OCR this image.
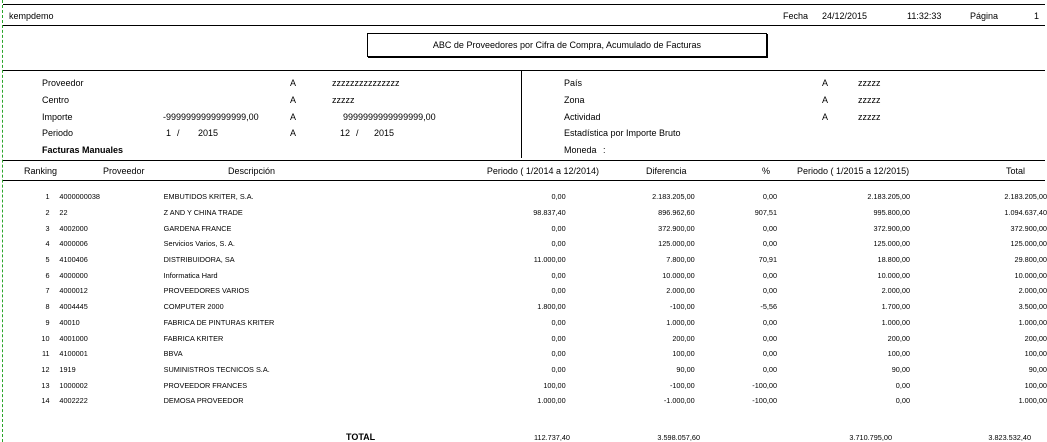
kempdemo	Fecha 24/12/2015	11:32:33	Página	1
ABC de Proveedores por Cifra de Compra, Acumulado de Facturas
Proveedor	A	zzzzzzzzzzzzzzz
Centro	A	zzzzz
Importe	-9999999999999999,00	A	9999999999999999,00
Periodo	1 / 2015	A	12 / 2015
Facturas Manuales
País	A	zzzzz
Zona	A	zzzzz
Actividad	A	zzzzz
Estadística por Importe Bruto
Moneda :
Ranking	Proveedor	Descripción	Periodo ( 1/2014 a 12/2014)	Diferencia	%	Periodo ( 1/2015 a 12/2015)	Total
1		4000000038		EMBUTIDOS KRITER, S.A.	0,00	2.183.205,00	0,00	2.183.205,00	2.183.205,00
2		22		Z AND Y CHINA TRADE	98.837,40	896.962,60	907,51	995.800,00	1.094.637,40
3		4002000		GARDENA FRANCE	0,00	372.900,00	0,00	372.900,00	372.900,00
4		4000006		Servicios Varios, S. A.	0,00	125.000,00	0,00	125.000,00	125.000,00
5		4100406		DISTRIBUIDORA, SA	11.000,00	7.800,00	70,91	18.800,00	29.800,00
6		4000000		Informatica Hard	0,00	10.000,00	0,00	10.000,00	10.000,00
7		4000012		PROVEEDORES VARIOS	0,00	2.000,00	0,00	2.000,00	2.000,00
8		4004445		COMPUTER 2000	1.800,00	-100,00	-5,56	1.700,00	3.500,00
9		40010		FABRICA DE PINTURAS KRITER	0,00	1.000,00	0,00	1.000,00	1.000,00
10		4001000		FABRICA KRITER	0,00	200,00	0,00	200,00	200,00
11		4100001		BBVA	0,00	100,00	0,00	100,00	100,00
12		1919		SUMINISTROS TECNICOS S.A.	0,00	90,00	0,00	90,00	90,00
13		1000002		PROVEEDOR FRANCES	100,00	-100,00	-100,00	0,00	100,00
14		4002222		DEMOSA PROVEEDOR	1.000,00	-1.000,00	-100,00	0,00	1.000,00
TOTAL	112.737,40	3.598.057,60	3.710.795,00	3.823.532,40
